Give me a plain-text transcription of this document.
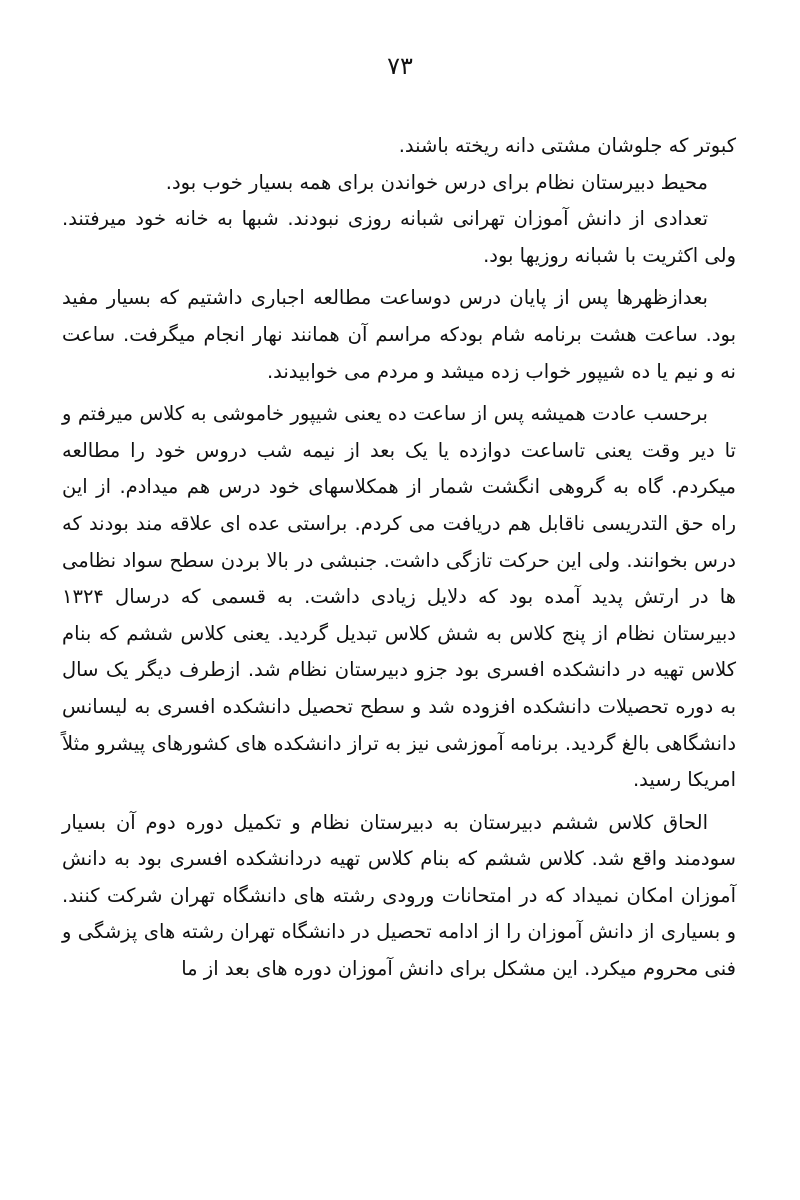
۷۳

کبوتر که جلوشان مشتی دانه ریخته باشند.

محیط دبیرستان نظام برای درس خواندن برای همه بسیار خوب بود.

تعدادی از دانش آموزان تهرانی شبانه روزی نبودند. شبها به خانه خود میرفتند. ولی اکثریت با شبانه روزیها بود.

بعدازظهرها پس از پایان درس دوساعت مطالعه اجباری داشتیم که بسیار مفید بود. ساعت هشت برنامه شام بودکه مراسم آن همانند نهار انجام میگرفت. ساعت نه و نیم یا ده شیپور خواب زده میشد و مردم می خوابیدند.

برحسب عادت همیشه پس از ساعت ده یعنی شیپور خاموشی به کلاس میرفتم و تا دیر وقت یعنی تاساعت دوازده یا یک بعد از نیمه شب دروس خود را مطالعه میکردم. گاه به گروهی انگشت شمار از همکلاسهای خود درس هم میدادم. از این راه حق التدریسی ناقابل هم دریافت می کردم. براستی عده ای علاقه مند بودند که درس بخوانند. ولی این حرکت تازگی داشت. جنبشی در بالا بردن سطح سواد نظامی ها در ارتش پدید آمده بود که دلایل زیادی داشت. به قسمی که درسال ۱۳۲۴ دبیرستان نظام از پنج کلاس به شش کلاس تبدیل گردید. یعنی کلاس ششم که بنام کلاس تهیه در دانشکده افسری بود جزو دبیرستان نظام شد. ازطرف دیگر یک سال به دوره تحصیلات دانشکده افزوده شد و سطح تحصیل دانشکده افسری به لیسانس دانشگاهی بالغ گردید. برنامه آموزشی نیز به تراز دانشکده های کشورهای پیشرو مثلاً امریکا رسید.

الحاق کلاس ششم دبیرستان به دبیرستان نظام و تکمیل دوره دوم آن بسیار سودمند واقع شد. کلاس ششم که بنام کلاس تهیه دردانشکده افسری بود به دانش آموزان امکان نمیداد که در امتحانات ورودی رشته های دانشگاه تهران شرکت کنند. و بسیاری از دانش آموزان را از ادامه تحصیل در دانشگاه تهران رشته های پزشگی و فنی محروم میکرد. این مشکل برای دانش آموزان دوره های بعد از ما
